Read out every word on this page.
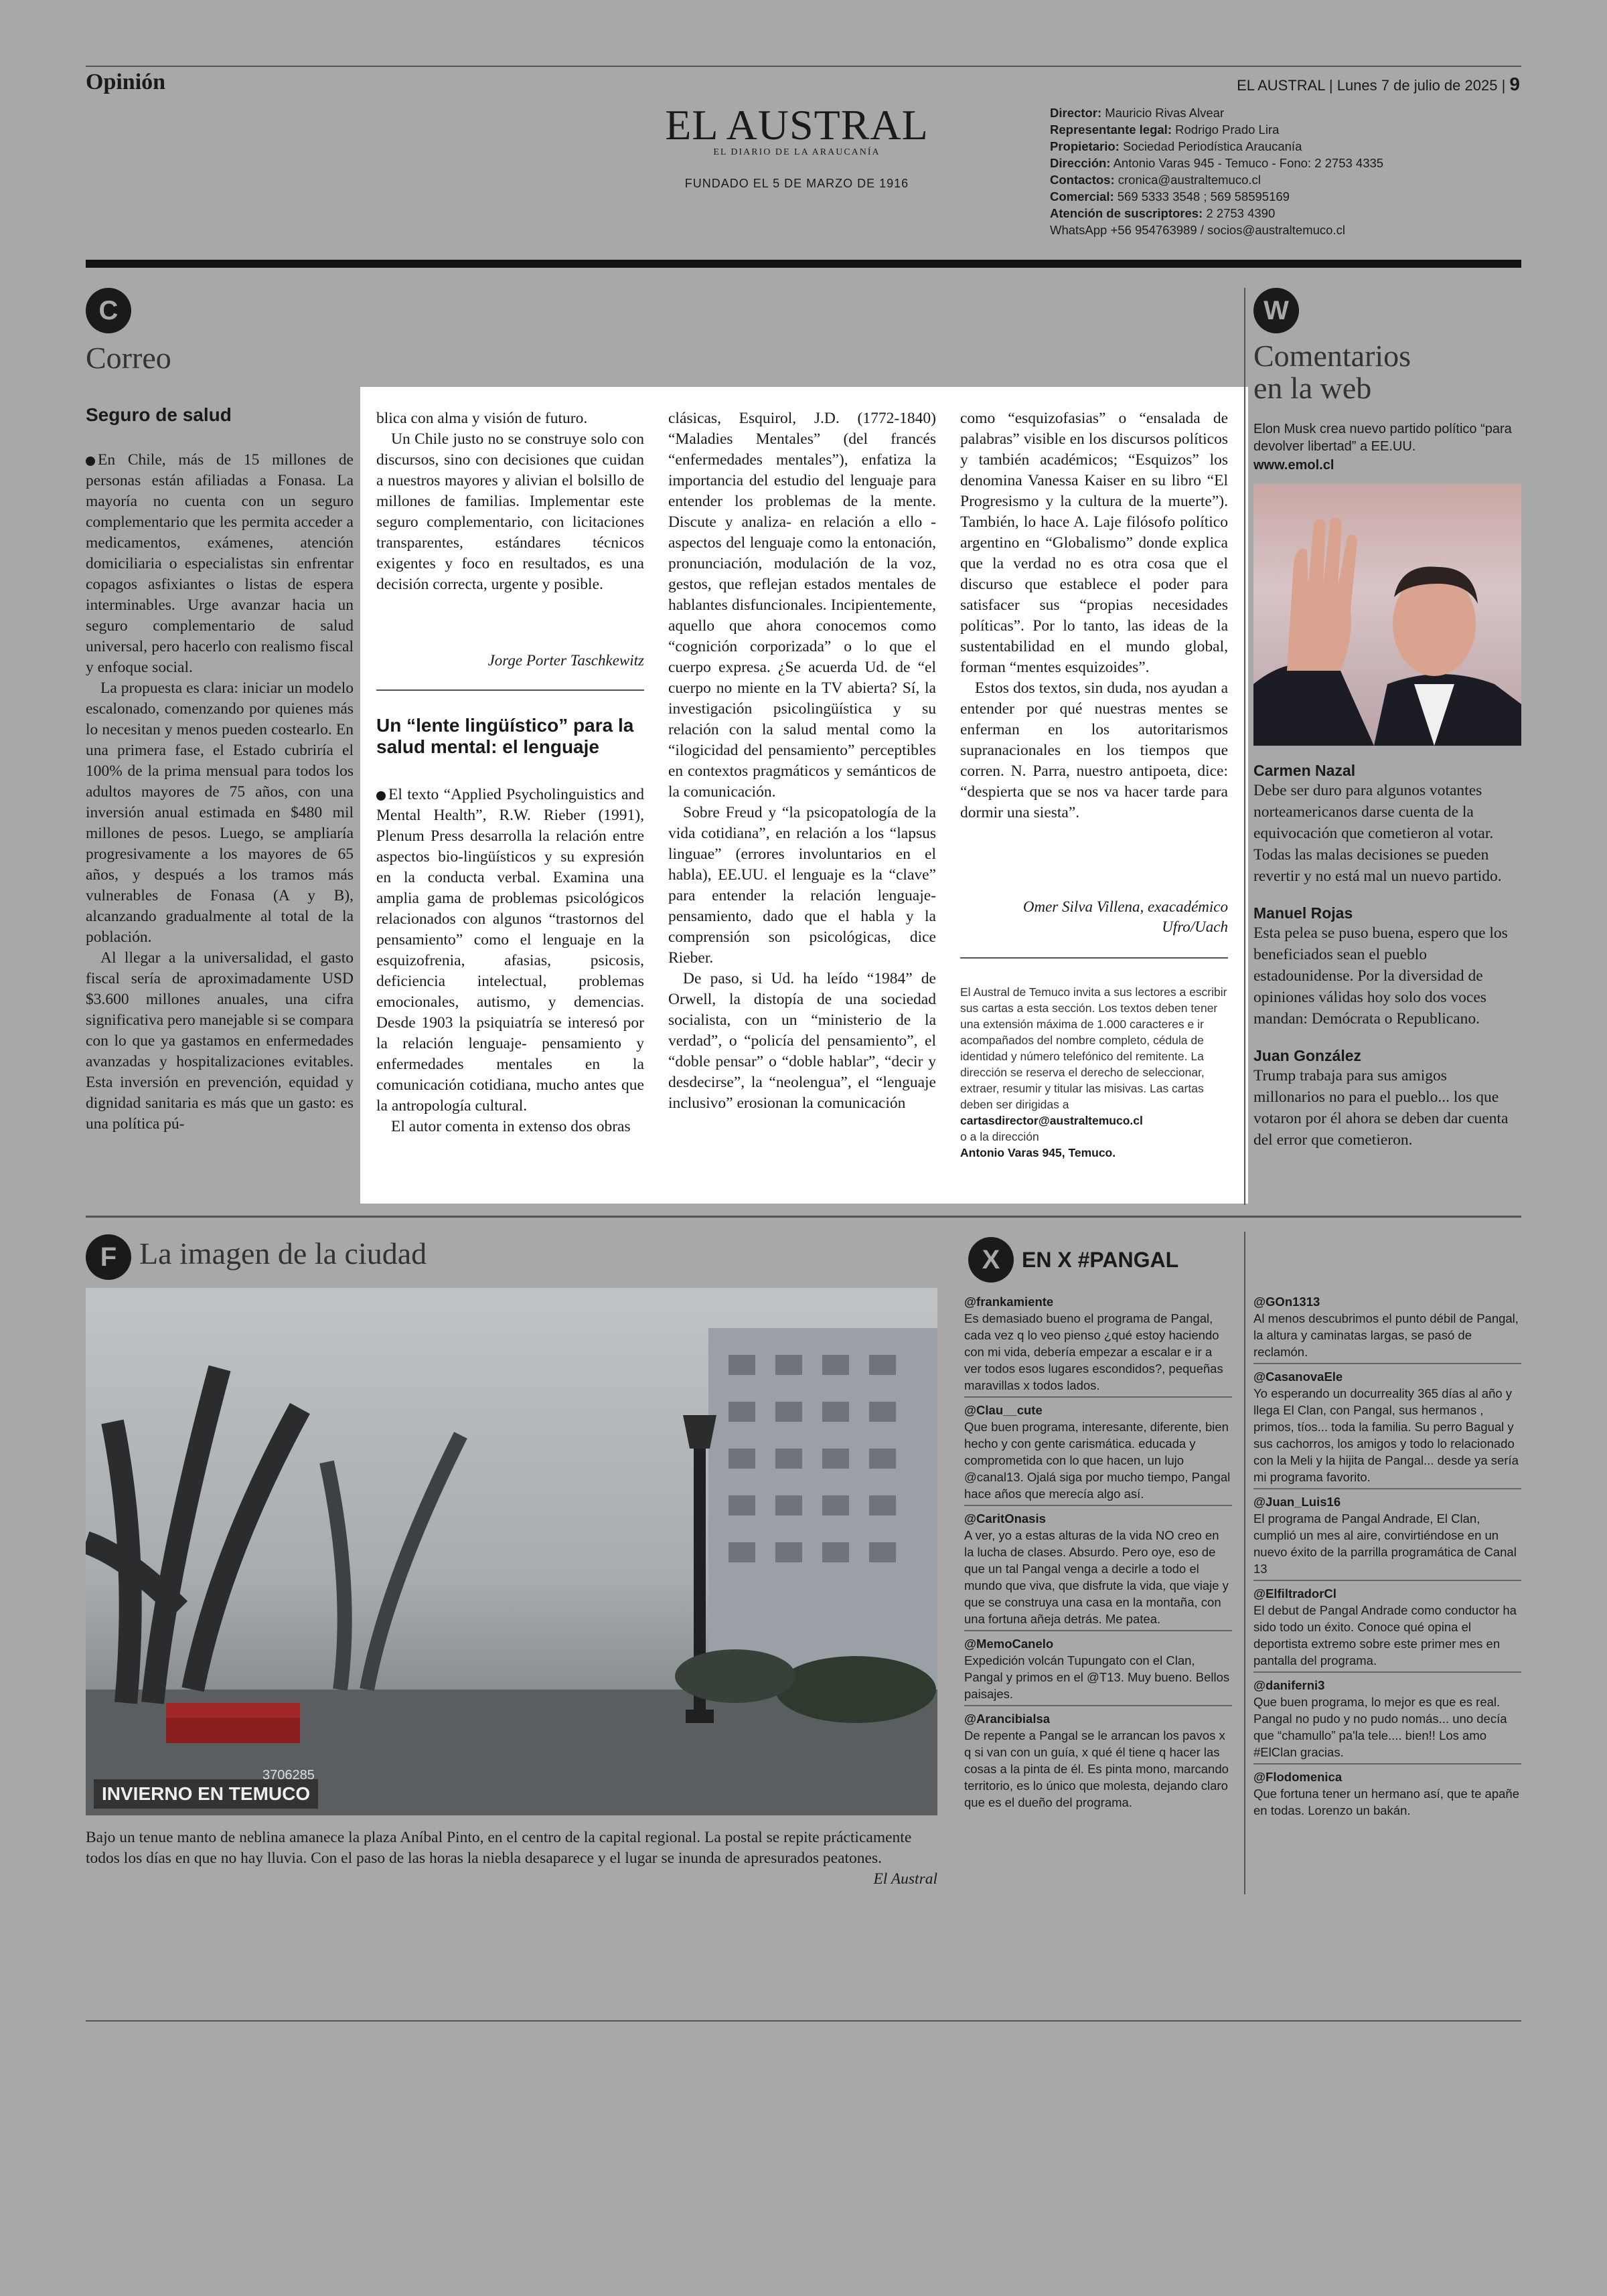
Opinión
EL AUSTRAL
EL DIARIO DE LA ARAUCANÍA
FUNDADO EL 5 DE MARZO DE 1916
EL AUSTRAL | Lunes 7 de julio de 2025 | 9
Director: Mauricio Rivas Alvear
Representante legal: Rodrigo Prado Lira
Propietario: Sociedad Periodística Araucanía
Dirección: Antonio Varas 945 - Temuco - Fono: 2 2753 4335
Contactos: cronica@australtemuco.cl
Comercial: 569 5333 3548 ; 569 58595169
Atención de suscriptores: 2 2753 4390
WhatsApp +56 954763989 / socios@australtemuco.cl
C
Correo
Seguro de salud

En Chile, más de 15 millones de personas están afiliadas a Fonasa. La mayoría no cuenta con un seguro complementario que les permita acceder a medicamentos, exámenes, atención domiciliaria o especialistas sin enfrentar copagos asfixiantes o listas de espera interminables. Urge avanzar hacia un seguro complementario de salud universal, pero hacerlo con realismo fiscal y enfoque social.

La propuesta es clara: iniciar un modelo escalonado, comenzando por quienes más lo necesitan y menos pueden costearlo. En una primera fase, el Estado cubriría el 100% de la prima mensual para todos los adultos mayores de 75 años, con una inversión anual estimada en $480 mil millones de pesos. Luego, se ampliaría progresivamente a los mayores de 65 años, y después a los tramos más vulnerables de Fonasa (A y B), alcanzando gradualmente al total de la población.

Al llegar a la universalidad, el gasto fiscal sería de aproximadamente USD $3.600 millones anuales, una cifra significativa pero manejable si se compara con lo que ya gastamos en enfermedades avanzadas y hospitalizaciones evitables. Esta inversión en prevención, equidad y dignidad sanitaria es más que un gasto: es una política pú-

blica con alma y visión de futuro.

Un Chile justo no se construye solo con discursos, sino con decisiones que cuidan a nuestros mayores y alivian el bolsillo de millones de familias. Implementar este seguro complementario, con licitaciones transparentes, estándares técnicos exigentes y foco en resultados, es una decisión correcta, urgente y posible.

Jorge Porter Taschkewitz
Un “lente lingüístico” para la salud mental: el lenguaje

El texto “Applied Psycholinguistics and Mental Health”, R.W. Rieber (1991), Plenum Press desarrolla la relación entre aspectos bio-lingüísticos y su expresión en la conducta verbal. Examina una amplia gama de problemas psicológicos relacionados con algunos “trastornos del pensamiento” como el lenguaje en la esquizofrenia, afasias, psicosis, deficiencia intelectual, problemas emocionales, autismo, y demencias. Desde 1903 la psiquiatría se interesó por la relación lenguaje- pensamiento y enfermedades mentales en la comunicación cotidiana, mucho antes que la antropología cultural.

El autor comenta in extenso dos obras

clásicas, Esquirol, J.D. (1772-1840) “Maladies Mentales” (del francés “enfermedades mentales”), enfatiza la importancia del estudio del lenguaje para entender los problemas de la mente. Discute y analiza- en relación a ello - aspectos del lenguaje como la entonación, pronunciación, modulación de la voz, gestos, que reflejan estados mentales de hablantes disfuncionales. Incipientemente, aquello que ahora conocemos como “cognición corporizada” o lo que el cuerpo expresa. ¿Se acuerda Ud. de “el cuerpo no miente en la TV abierta? Sí, la investigación psicolingüística y su relación con la salud mental como la “ilogicidad del pensamiento” perceptibles en contextos pragmáticos y semánticos de la comunicación.

Sobre Freud y “la psicopatología de la vida cotidiana”, en relación a los “lapsus linguae” (errores involuntarios en el habla), EE.UU. el lenguaje es la “clave” para entender la relación lenguaje-pensamiento, dado que el habla y la comprensión son psicológicas, dice Rieber.

De paso, si Ud. ha leído “1984” de Orwell, la distopía de una sociedad socialista, con un “ministerio de la verdad”, o “policía del pensamiento”, el “doble pensar” o “doble hablar”, “decir y desdecirse”, la “neolengua”, el “lenguaje inclusivo” erosionan la comunicación

como “esquizofasias” o “ensalada de palabras” visible en los discursos políticos y también académicos; “Esquizos” los denomina Vanessa Kaiser en su libro “El Progresismo y la cultura de la muerte”). También, lo hace A. Laje filósofo político argentino en “Globalismo” donde explica que la verdad no es otra cosa que el discurso que establece el poder para satisfacer sus “propias necesidades políticas”. Por lo tanto, las ideas de la sustentabilidad en el mundo global, forman “mentes esquizoides”.

Estos dos textos, sin duda, nos ayudan a entender por qué nuestras mentes se enferman en los autoritarismos supranacionales en los tiempos que corren. N. Parra, nuestro antipoeta, dice: “despierta que se nos va hacer tarde para dormir una siesta”.

Omer Silva Villena, exacadémico
Ufro/Uach
El Austral de Temuco invita a sus lectores a escribir sus cartas a esta sección. Los textos deben tener una extensión máxima de 1.000 caracteres e ir acompañados del nombre completo, cédula de identidad y número telefónico del remitente. La dirección se reserva el derecho de seleccionar, extraer, resumir y titular las misivas. Las cartas deben ser dirigidas a
cartasdirector@australtemuco.cl
o a la dirección
Antonio Varas 945, Temuco.
W
Comentarios
en la web
Elon Musk crea nuevo partido político “para devolver libertad” a EE.UU.
www.emol.cl
Carmen Nazal
Debe ser duro para algunos votantes norteamericanos darse cuenta de la equivocación que cometieron al votar. Todas las malas decisiones se pueden revertir y no está mal un nuevo partido.
Manuel Rojas
Esta pelea se puso buena, espero que los beneficiados sean el pueblo estadounidense. Por la diversidad de opiniones válidas hoy solo dos voces mandan: Demócrata o Republicano.
Juan González
Trump trabaja para sus amigos millonarios no para el pueblo... los que votaron por él ahora se deben dar cuenta del error que cometieron.
F La imagen de la ciudad
INVIERNO EN TEMUCO
3706285
Bajo un tenue manto de neblina amanece la plaza Aníbal Pinto, en el centro de la capital regional. La postal se repite prácticamente todos los días en que no hay lluvia. Con el paso de las horas la niebla desaparece y el lugar se inunda de apresurados peatones.
El Austral
X	EN X #PANGAL
@frankamiente
Es demasiado bueno el programa de Pangal, cada vez q lo veo pienso ¿qué estoy haciendo con mi vida, debería empezar a escalar e ir a ver todos esos lugares escondidos?, pequeñas maravillas x todos lados.
@Clau__cute
Que buen programa, interesante, diferente, bien hecho y con gente carismática. educada y comprometida con lo que hacen, un lujo @canal13. Ojalá siga por mucho tiempo, Pangal hace años que merecía algo así.
@CaritOnasis
A ver, yo a estas alturas de la vida NO creo en la lucha de clases. Absurdo. Pero oye, eso de que un tal Pangal venga a decirle a todo el mundo que viva, que disfrute la vida, que viaje y que se construya una casa en la montaña, con una fortuna añeja detrás. Me patea.
@MemoCanelo
Expedición volcán Tupungato con el Clan, Pangal y primos en el @T13. Muy bueno. Bellos paisajes.
@Arancibialsa
De repente a Pangal se le arrancan los pavos x q si van con un guía, x qué él tiene q hacer las cosas a la pinta de él. Es pinta mono, marcando territorio, es lo único que molesta, dejando claro que es el dueño del programa.
@GOn1313
Al menos descubrimos el punto débil de Pangal, la altura y caminatas largas, se pasó de reclamón.
@CasanovaEle
Yo esperando un docurreality 365 días al año y llega El Clan, con Pangal, sus hermanos , primos, tíos... toda la familia. Su perro Bagual y sus cachorros, los amigos y todo lo relacionado con la Meli y la hijita de Pangal... desde ya sería mi programa favorito.
@Juan_Luis16
El programa de Pangal Andrade, El Clan, cumplió un mes al aire, convirtiéndose en un nuevo éxito de la parrilla programática de Canal 13
@ElfiltradorCl
El debut de Pangal Andrade como conductor ha sido todo un éxito. Conoce qué opina el deportista extremo sobre este primer mes en pantalla del programa.
@daniferni3
Que buen programa, lo mejor es que es real. Pangal no pudo y no pudo nomás... uno decía que “chamullo” pa'la tele.... bien!! Los amo #ElClan gracias.
@Flodomenica
Que fortuna tener un hermano así, que te apañe en todas. Lorenzo un bakán.
